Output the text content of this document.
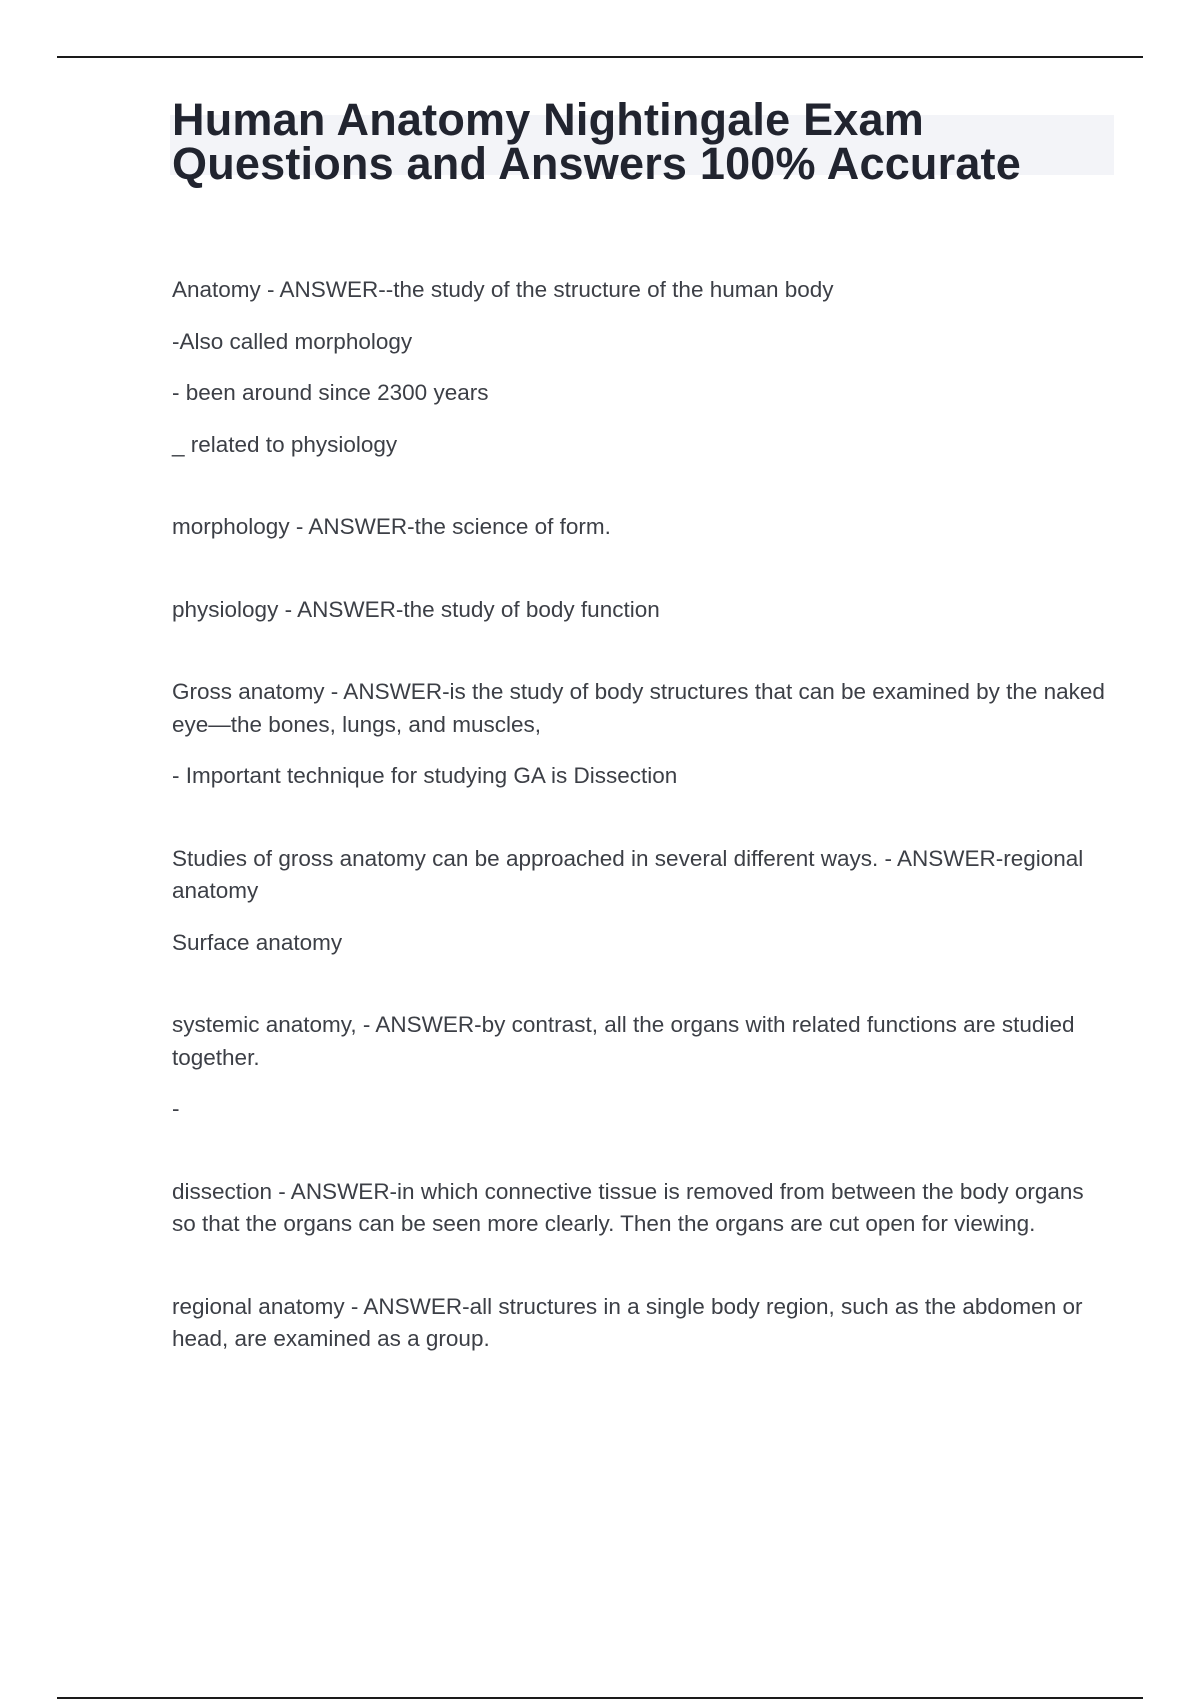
Human Anatomy Nightingale Exam Questions and Answers 100% Accurate

Anatomy - ANSWER--the study of the structure of the human body

-Also called morphology

- been around since 2300 years

_ related to physiology

morphology - ANSWER-the science of form.

physiology - ANSWER-the study of body function

Gross anatomy - ANSWER-is the study of body structures that can be examined by the naked eye—the bones, lungs, and muscles,

- Important technique for studying GA is Dissection

Studies of gross anatomy can be approached in several different ways. - ANSWER-regional anatomy

Surface anatomy

systemic anatomy, - ANSWER-by contrast, all the organs with related functions are studied together.

-

dissection - ANSWER-in which connective tissue is removed from between the body organs so that the organs can be seen more clearly. Then the organs are cut open for viewing.

regional anatomy - ANSWER-all structures in a single body region, such as the abdomen or head, are examined as a group.
